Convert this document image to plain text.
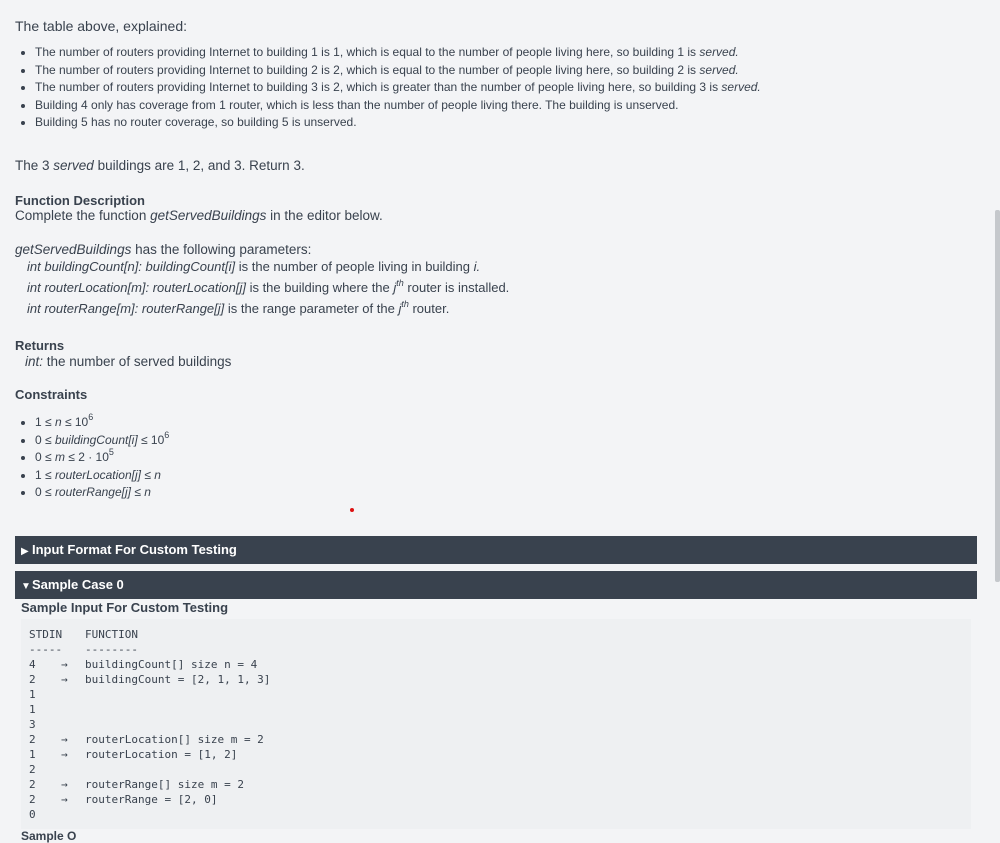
The table above, explained:

• The number of routers providing Internet to building 1 is 1, which is equal to the number of people living here, so building 1 is served.
• The number of routers providing Internet to building 2 is 2, which is equal to the number of people living here, so building 2 is served.
• The number of routers providing Internet to building 3 is 2, which is greater than the number of people living here, so building 3 is served.
• Building 4 only has coverage from 1 router, which is less than the number of people living there. The building is unserved.
• Building 5 has no router coverage, so building 5 is unserved.
The 3 served buildings are 1, 2, and 3. Return 3.
Function Description
Complete the function getServedBuildings in the editor below.
getServedBuildings has the following parameters:
int buildingCount[n]: buildingCount[i] is the number of people living in building i.
int routerLocation[m]: routerLocation[j] is the building where the $j^{th}$ router is installed.
int routerRange[m]: routerRange[j] is the range parameter of the $j^{th}$ router.
Returns
int: the number of served buildings
Constraints
• $1 \le n \le 10^6$
• 0 ≤ buildingCount[i] ≤ $10^6$
• $0 \le m \le 2 \cdot 10^5$
• 1 ≤ routerLocation[j] ≤ n
• 0 ≤ routerRange[j] ≤ n
▶ Input Format For Custom Testing
▼Sample Case 0
Sample Input For Custom Testing
STDIN FUNCTION
----- --------
4 → buildingCount[] size n = 4
2 → buildingCount = [2, 1, 1, 3]
1
1
3
2 → routerLocation[] size m = 2
1 → routerLocation = [1, 2]
2
2 → routerRange[] size m = 2
2 → routerRange = [2, 0]
0
Sample O
